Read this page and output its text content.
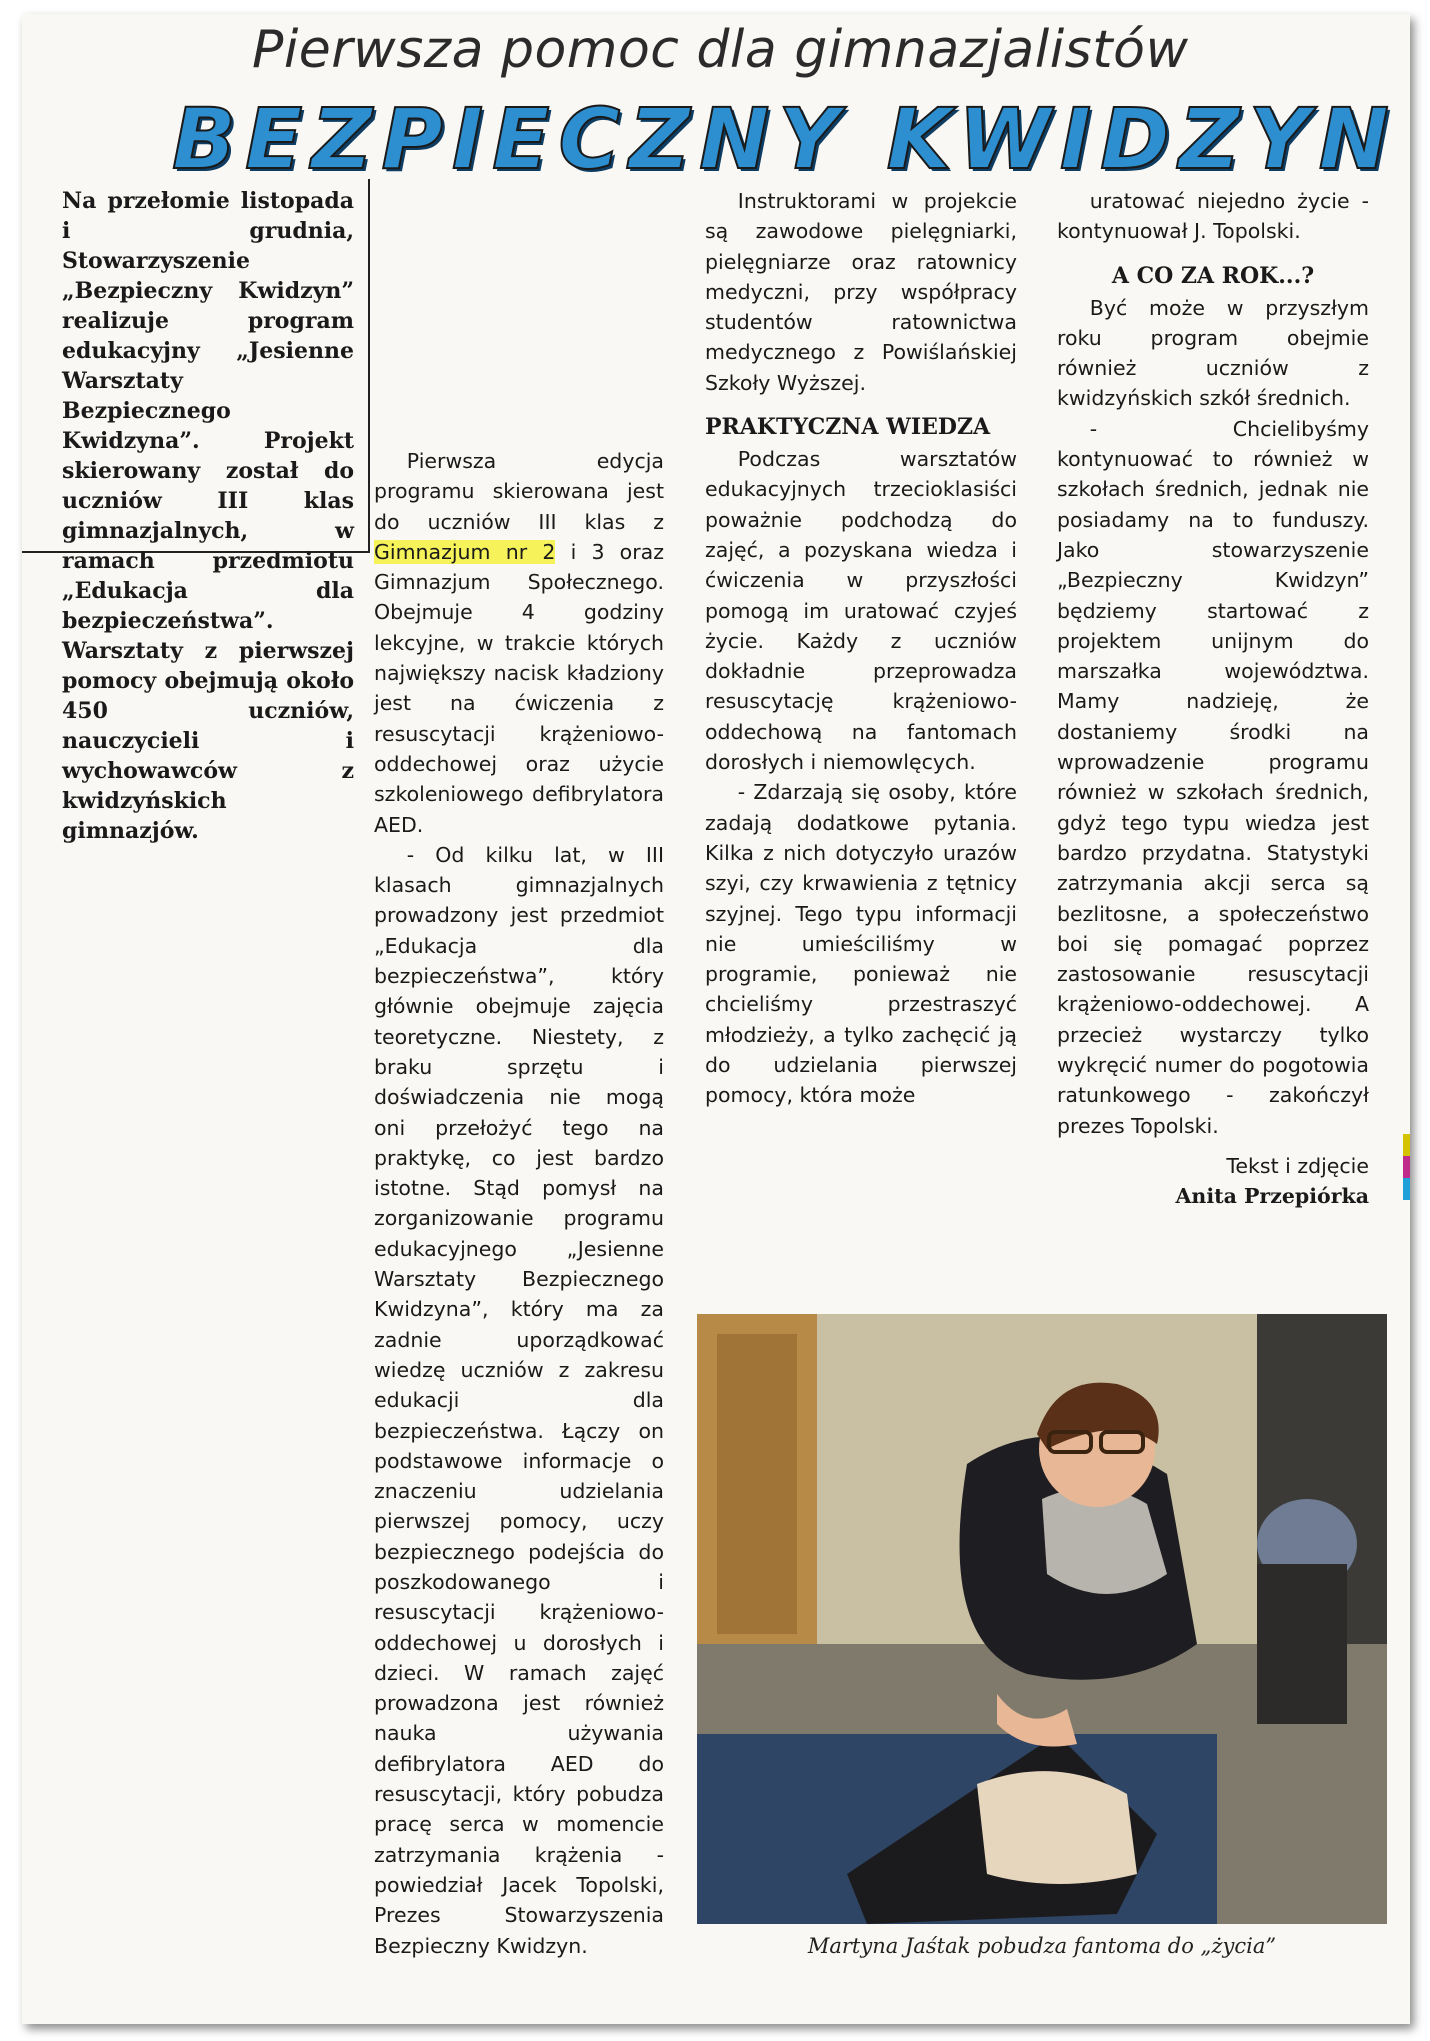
Pierwsza pomoc dla gimnazjalistów
BEZPIECZNY KWIDZYN
Na przełomie listopada i grudnia, Stowarzyszenie „Bezpieczny Kwidzyn” realizuje program edukacyjny „Jesienne Warsztaty Bezpiecznego Kwidzyna”. Projekt skierowany został do uczniów III klas gimnazjalnych, w ramach przedmiotu „Edukacja dla bezpieczeństwa”. Warsztaty z pierwszej pomocy obejmują około 450 uczniów, nauczycieli i wychowawców z kwidzyńskich gimnazjów.

Pierwsza edycja programu skierowana jest do uczniów III klas z Gimnazjum nr 2 i 3 oraz Gimnazjum Społecznego. Obejmuje 4 godziny lekcyjne, w trakcie których największy nacisk kładziony jest na ćwiczenia z resuscytacji krążeniowo-oddechowej oraz użycie szkoleniowego defibrylatora AED.

- Od kilku lat, w III klasach gimnazjalnych prowadzony jest przedmiot „Edukacja dla bezpieczeństwa”, który głównie obejmuje zajęcia teoretyczne. Niestety, z braku sprzętu i doświadczenia nie mogą oni przełożyć tego na praktykę, co jest bardzo istotne. Stąd pomysł na zorganizowanie programu edukacyjnego „Jesienne Warsztaty Bezpiecznego Kwidzyna”, który ma za zadnie uporządkować wiedzę uczniów z zakresu edukacji dla bezpieczeństwa. Łączy on podstawowe informacje o znaczeniu udzielania pierwszej pomocy, uczy bezpiecznego podejścia do poszkodowanego i resuscytacji krążeniowo-oddechowej u dorosłych i dzieci. W ramach zajęć prowadzona jest również nauka używania defibrylatora AED do resuscytacji, który pobudza pracę serca w momencie zatrzymania krążenia - powiedział Jacek Topolski, Prezes Stowarzyszenia Bezpieczny Kwidzyn.

Instruktorami w projekcie są zawodowe pielęgniarki, pielęgniarze oraz ratownicy medyczni, przy współpracy studentów ratownictwa medycznego z Powiślańskiej Szkoły Wyższej.

PRAKTYCZNA WIEDZA

Podczas warsztatów edukacyjnych trzecioklasiści poważnie podchodzą do zajęć, a pozyskana wiedza i ćwiczenia w przyszłości pomogą im uratować czyjeś życie. Każdy z uczniów dokładnie przeprowadza resuscytację krążeniowo-oddechową na fantomach dorosłych i niemowlęcych.

- Zdarzają się osoby, które zadają dodatkowe pytania. Kilka z nich dotyczyło urazów szyi, czy krwawienia z tętnicy szyjnej. Tego typu informacji nie umieściliśmy w programie, ponieważ nie chcieliśmy przestraszyć młodzieży, a tylko zachęcić ją do udzielania pierwszej pomocy, która może

uratować niejedno życie - kontynuował J. Topolski.

A CO ZA ROK...?

Być może w przyszłym roku program obejmie również uczniów z kwidzyńskich szkół średnich.

- Chcielibyśmy kontynuować to również w szkołach średnich, jednak nie posiadamy na to funduszy. Jako stowarzyszenie „Bezpieczny Kwidzyn” będziemy startować z projektem unijnym do marszałka województwa. Mamy nadzieję, że dostaniemy środki na wprowadzenie programu również w szkołach średnich, gdyż tego typu wiedza jest bardzo przydatna. Statystyki zatrzymania akcji serca są bezlitosne, a społeczeństwo boi się pomagać poprzez zastosowanie resuscytacji krążeniowo-oddechowej. A przecież wystarczy tylko wykręcić numer do pogotowia ratunkowego - zakończył prezes Topolski.

Tekst i zdjęcie
Anita Przepiórka
Martyna Jaśtak pobudza fantoma do „życia”
